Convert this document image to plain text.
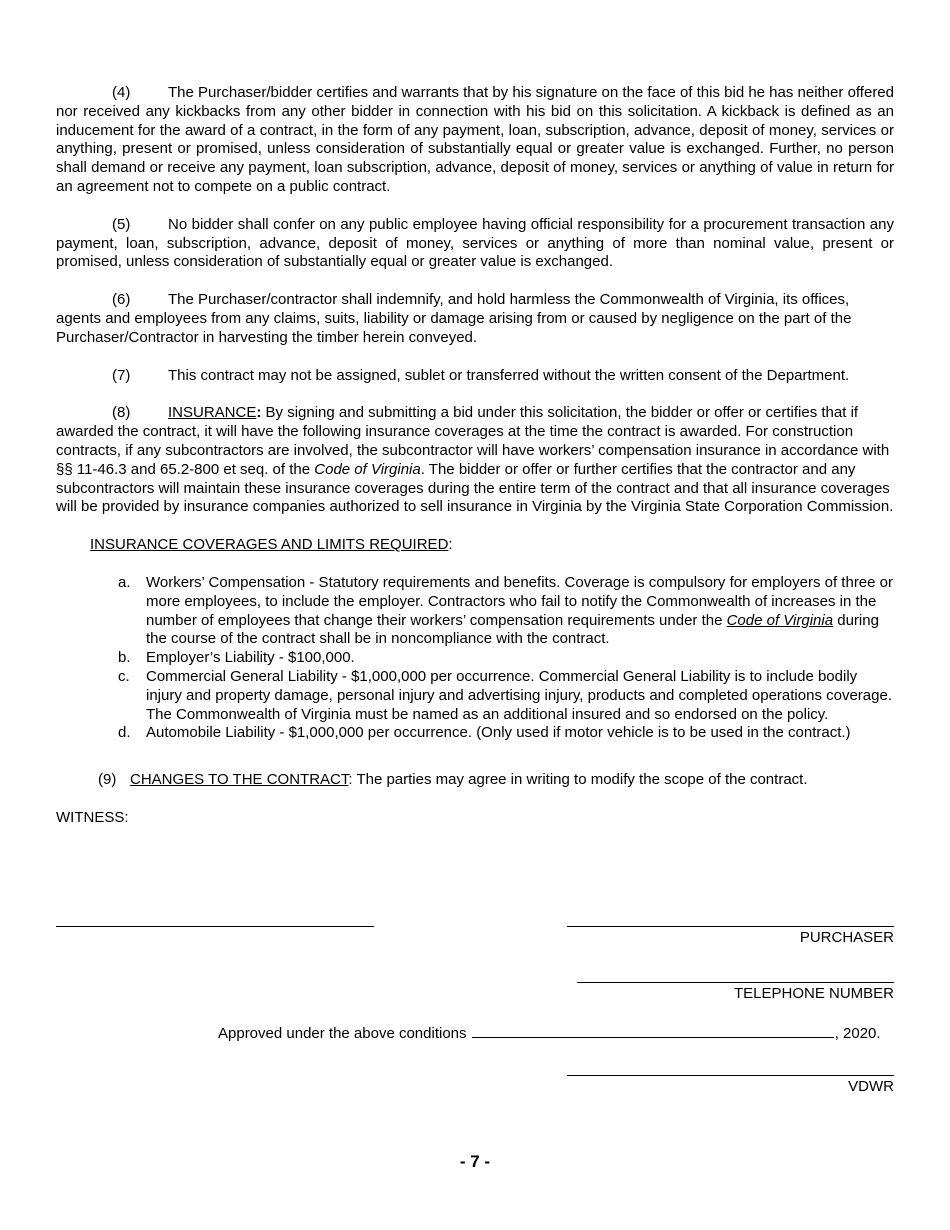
(4)	The Purchaser/bidder certifies and warrants that by his signature on the face of this bid he has neither offered nor received any kickbacks from any other bidder in connection with his bid on this solicitation. A kickback is defined as an inducement for the award of a contract, in the form of any payment, loan, subscription, advance, deposit of money, services or anything, present or promised, unless consideration of substantially equal or greater value is exchanged. Further, no person shall demand or receive any payment, loan subscription, advance, deposit of money, services or anything of value in return for an agreement not to compete on a public contract.

(5)	No bidder shall confer on any public employee having official responsibility for a procurement transaction any payment, loan, subscription, advance, deposit of money, services or anything of more than nominal value, present or promised, unless consideration of substantially equal or greater value is exchanged.

(6)	The Purchaser/contractor shall indemnify, and hold harmless the Commonwealth of Virginia, its offices, agents and employees from any claims, suits, liability or damage arising from or caused by negligence on the part of the Purchaser/Contractor in harvesting the timber herein conveyed.

(7)	This contract may not be assigned, sublet or transferred without the written consent of the Department.

(8)	INSURANCE: By signing and submitting a bid under this solicitation, the bidder or offer or certifies that if awarded the contract, it will have the following insurance coverages at the time the contract is awarded. For construction contracts, if any subcontractors are involved, the subcontractor will have workers’ compensation insurance in accordance with §§ 11-46.3 and 65.2-800 et seq. of the Code of Virginia. The bidder or offer or further certifies that the contractor and any subcontractors will maintain these insurance coverages during the entire term of the contract and that all insurance coverages will be provided by insurance companies authorized to sell insurance in Virginia by the Virginia State Corporation Commission.

INSURANCE COVERAGES AND LIMITS REQUIRED:

a. Workers’ Compensation - Statutory requirements and benefits. Coverage is compulsory for employers of three or more employees, to include the employer. Contractors who fail to notify the Commonwealth of increases in the number of employees that change their workers’ compensation requirements under the Code of Virginia during the course of the contract shall be in noncompliance with the contract.
b. Employer’s Liability - $100,000.
c. Commercial General Liability - $1,000,000 per occurrence. Commercial General Liability is to include bodily injury and property damage, personal injury and advertising injury, products and completed operations coverage. The Commonwealth of Virginia must be named as an additional insured and so endorsed on the policy.
d. Automobile Liability - $1,000,000 per occurrence. (Only used if motor vehicle is to be used in the contract.)

(9) CHANGES TO THE CONTRACT: The parties may agree in writing to modify the scope of the contract.

WITNESS:

PURCHASER
TELEPHONE NUMBER
Approved under the above conditions	, 2020.
VDWR
- 7 -
